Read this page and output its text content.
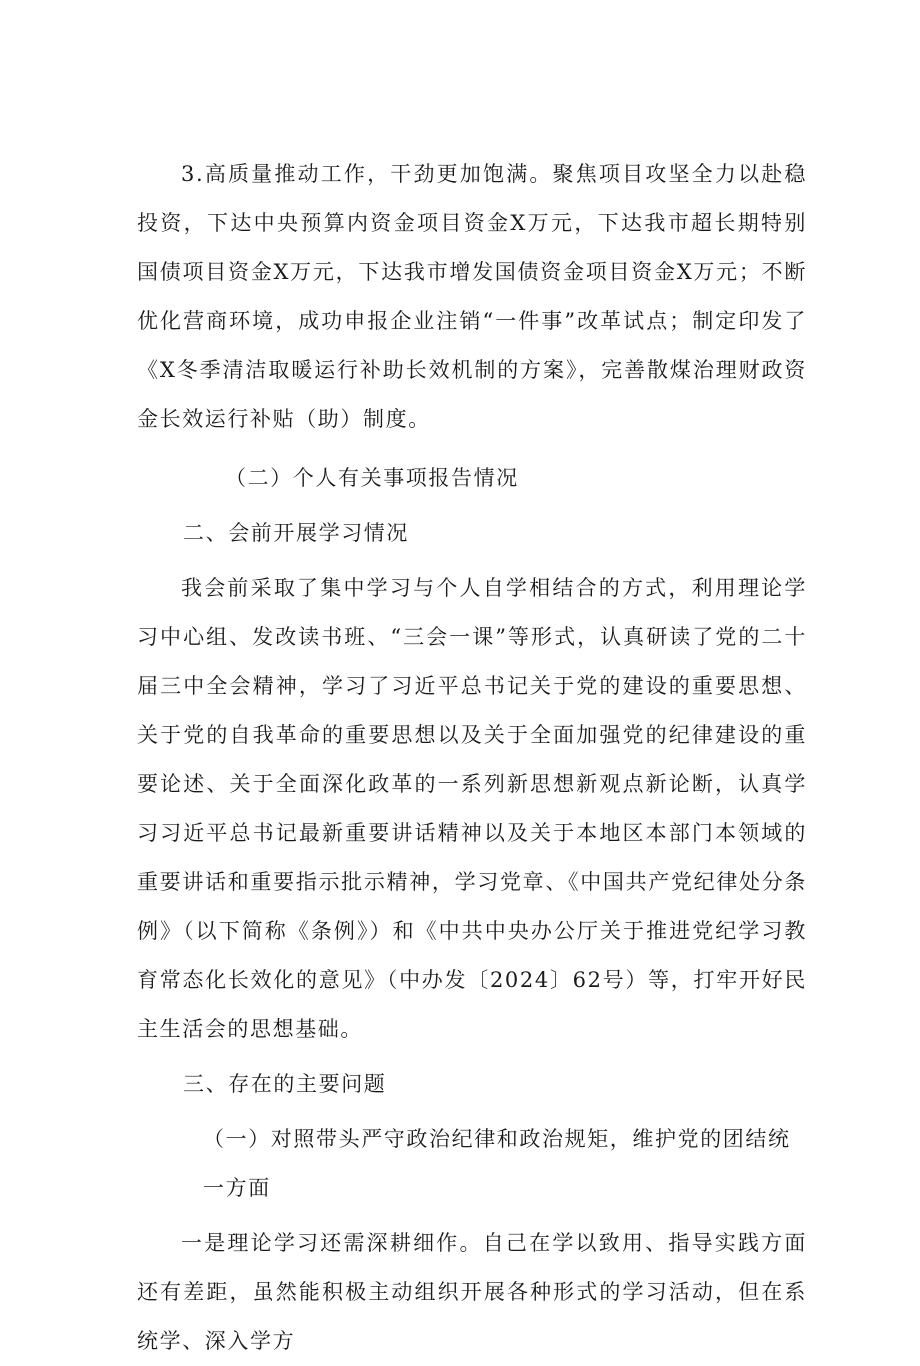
3.高质量推动工作，干劲更加饱满。聚焦项目攻坚全力以赴稳投资，下达中央预算内资金项目资金X万元，下达我市超长期特别国债项目资金X万元，下达我市增发国债资金项目资金X万元；不断优化营商环境，成功申报企业注销“一件事”改革试点；制定印发了《X冬季清洁取暖运行补助长效机制的方案》，完善散煤治理财政资金长效运行补贴（助）制度。

（二）个人有关事项报告情况

二、会前开展学习情况

我会前采取了集中学习与个人自学相结合的方式，利用理论学习中心组、发改读书班、“三会一课”等形式，认真研读了党的二十届三中全会精神，学习了习近平总书记关于党的建设的重要思想、关于党的自我革命的重要思想以及关于全面加强党的纪律建设的重要论述、关于全面深化政革的一系列新思想新观点新论断，认真学习习近平总书记最新重要讲话精神以及关于本地区本部门本领域的重要讲话和重要指示批示精神，学习党章、《中国共产党纪律处分条例》（以下简称《条例》）和《中共中央办公厅关于推进党纪学习教育常态化长效化的意见》（中办发〔2024〕62号）等，打牢开好民主生活会的思想基础。

三、存在的主要问题

（一）对照带头严守政治纪律和政治规矩，维护党的团结统一方面

一是理论学习还需深耕细作。自己在学以致用、指导实践方面还有差距，虽然能积极主动组织开展各种形式的学习活动，但在系统学、深入学方
